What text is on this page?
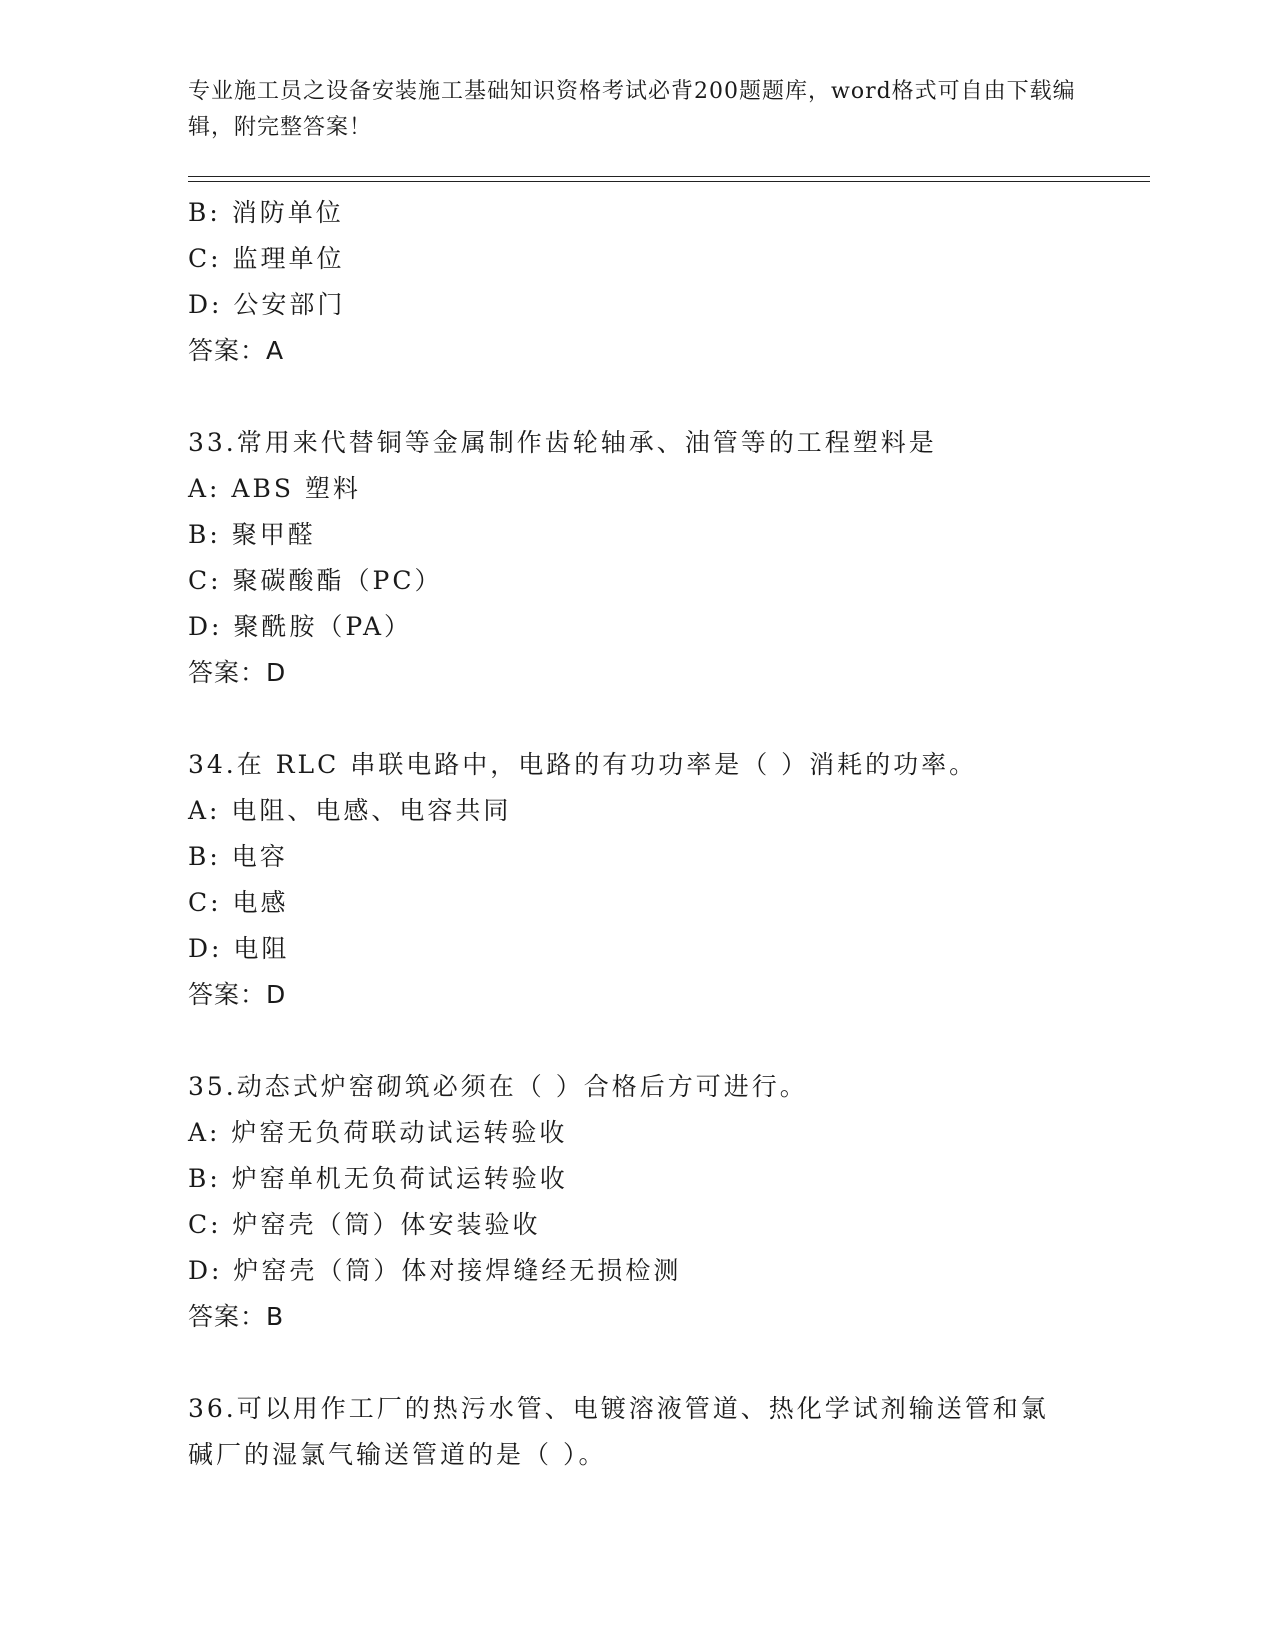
专业施工员之设备安装施工基础知识资格考试必背200题题库，word格式可自由下载编辑，附完整答案！
B: 消防单位
C: 监理单位
D: 公安部门
答案：A
33.常用来代替铜等金属制作齿轮轴承、油管等的工程塑料是
A: ABS 塑料
B: 聚甲醛
C: 聚碳酸酯（PC）
D: 聚酰胺（PA）
答案：D
34.在 RLC 串联电路中，电路的有功功率是（ ）消耗的功率。
A: 电阻、电感、电容共同
B: 电容
C: 电感
D: 电阻
答案：D
35.动态式炉窑砌筑必须在（ ）合格后方可进行。
A: 炉窑无负荷联动试运转验收
B: 炉窑单机无负荷试运转验收
C: 炉窑壳（筒）体安装验收
D: 炉窑壳（筒）体对接焊缝经无损检测
答案：B
36.可以用作工厂的热污水管、电镀溶液管道、热化学试剂输送管和氯
碱厂的湿氯气输送管道的是（ ）。
